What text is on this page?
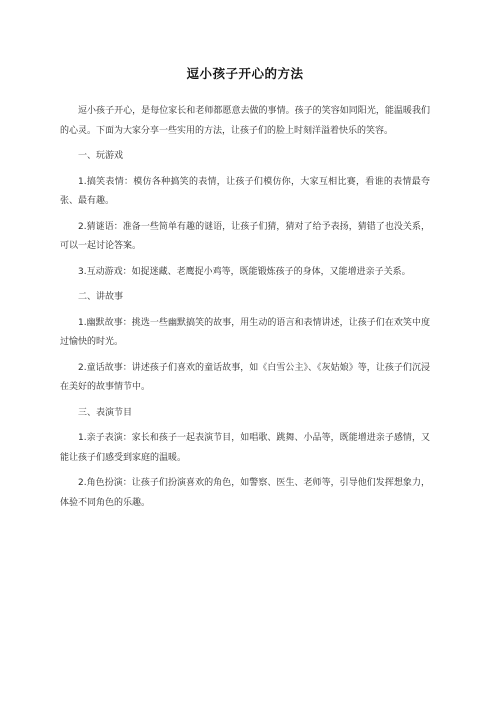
逗小孩子开心的方法

逗小孩子开心，是每位家长和老师都愿意去做的事情。孩子的笑容如同阳光，能温暖我们的心灵。下面为大家分享一些实用的方法，让孩子们的脸上时刻洋溢着快乐的笑容。

一、玩游戏

1.搞笑表情：模仿各种搞笑的表情，让孩子们模仿你，大家互相比赛，看谁的表情最夸张、最有趣。

2.猜谜语：准备一些简单有趣的谜语，让孩子们猜，猜对了给予表扬，猜错了也没关系，可以一起讨论答案。

3.互动游戏：如捉迷藏、老鹰捉小鸡等，既能锻炼孩子的身体，又能增进亲子关系。

二、讲故事

1.幽默故事：挑选一些幽默搞笑的故事，用生动的语言和表情讲述，让孩子们在欢笑中度过愉快的时光。

2.童话故事：讲述孩子们喜欢的童话故事，如《白雪公主》、《灰姑娘》等，让孩子们沉浸在美好的故事情节中。

三、表演节目

1.亲子表演：家长和孩子一起表演节目，如唱歌、跳舞、小品等，既能增进亲子感情，又能让孩子们感受到家庭的温暖。

2.角色扮演：让孩子们扮演喜欢的角色，如警察、医生、老师等，引导他们发挥想象力，体验不同角色的乐趣。
